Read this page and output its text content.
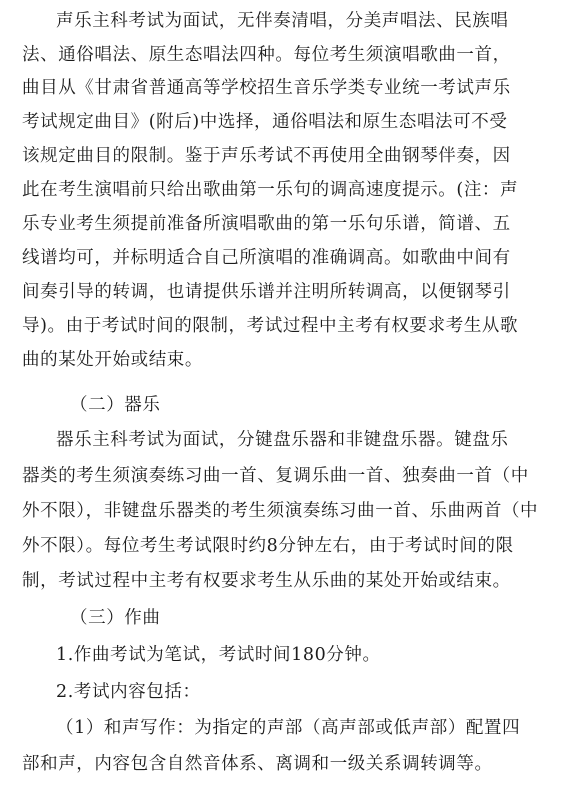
声乐主科考试为面试，无伴奏清唱，分美声唱法、民族唱
法、通俗唱法、原生态唱法四种。每位考生须演唱歌曲一首，
曲目从《甘肃省普通高等学校招生音乐学类专业统一考试声乐
考试规定曲目》(附后)中选择，通俗唱法和原生态唱法可不受
该规定曲目的限制。鉴于声乐考试不再使用全曲钢琴伴奏，因
此在考生演唱前只给出歌曲第一乐句的调高速度提示。(注：声
乐专业考生须提前准备所演唱歌曲的第一乐句乐谱，简谱、五
线谱均可，并标明适合自己所演唱的准确调高。如歌曲中间有
间奏引导的转调，也请提供乐谱并注明所转调高，以便钢琴引
导)。由于考试时间的限制，考试过程中主考有权要求考生从歌
曲的某处开始或结束。
（二）器乐
器乐主科考试为面试，分键盘乐器和非键盘乐器。键盘乐
器类的考生须演奏练习曲一首、复调乐曲一首、独奏曲一首（中
外不限），非键盘乐器类的考生须演奏练习曲一首、乐曲两首（中
外不限）。每位考生考试限时约8分钟左右，由于考试时间的限
制，考试过程中主考有权要求考生从乐曲的某处开始或结束。
（三）作曲
1.作曲考试为笔试，考试时间180分钟。
2.考试内容包括：
（1）和声写作：为指定的声部（高声部或低声部）配置四
部和声，内容包含自然音体系、离调和一级关系调转调等。
